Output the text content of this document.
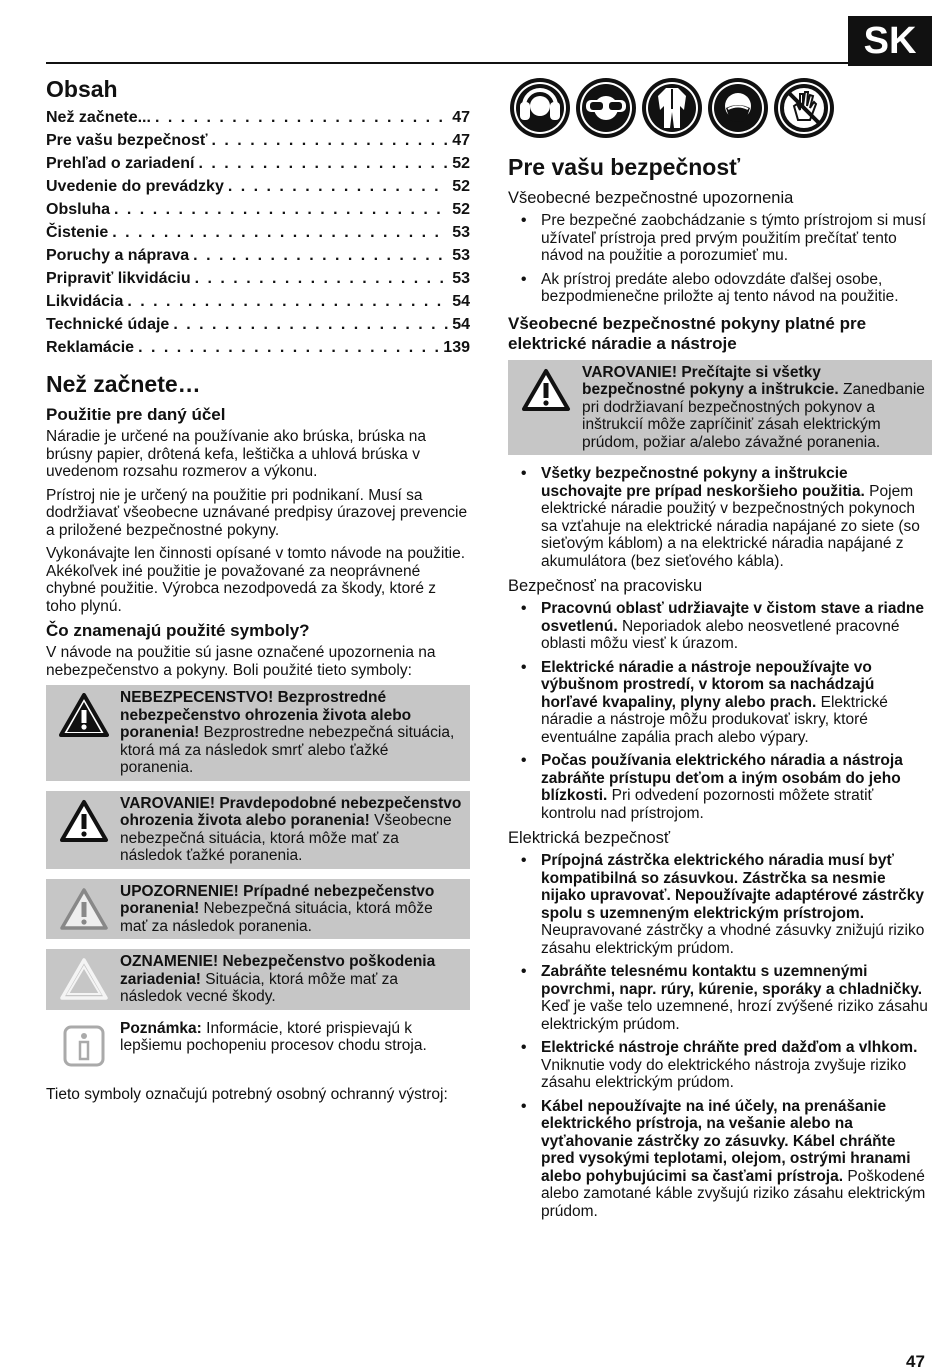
SK
Obsah
Než začnete... . . .	47
Pre vašu bezpečnosť . . .	47
Prehľad o zariadení . . .	52
Uvedenie do prevádzky . . .	52
Obsluha . . .	52
Čistenie . . .	53
Poruchy a náprava . . .	53
Pripraviť likvidáciu . . .	53
Likvidácia . . .	54
Technické údaje . . .	54
Reklamácie . . .	139
Než začnete…
Použitie pre daný účel

Náradie je určené na používanie ako brúska, brúska na brúsny papier, drôtená kefa, leštička a uhlová brúska v uvedenom rozsahu rozmerov a výkonu.

Prístroj nie je určený na použitie pri podnikaní. Musí sa dodržiavať všeobecne uznávané predpisy úrazovej prevencie a priložené bezpečnostné pokyny.

Vykonávajte len činnosti opísané v tomto návode na použitie. Akékoľvek iné použitie je považované za neoprávnené chybné použitie. Výrobca nezodpovedá za škody, ktoré z toho plynú.

Čo znamenajú použité symboly?

V návode na použitie sú jasne označené upozornenia na nebezpečenstvo a pokyny. Boli použité tieto symboly:

NEBEZPECENSTVO! Bezprostredné nebezpečenstvo ohrozenia života alebo poranenia! Bezprostredne nebezpečná situácia, ktorá má za následok smrť alebo ťažké poranenia.
VAROVANIE! Pravdepodobné nebezpečenstvo ohrozenia života alebo poranenia! Všeobecne nebezpečná situácia, ktorá môže mať za následok ťažké poranenia.
UPOZORNENIE! Prípadné nebezpečenstvo poranenia! Nebezpečná situácia, ktorá môže mať za následok poranenia.
OZNAMENIE! Nebezpečenstvo poškodenia zariadenia! Situácia, ktorá môže mať za následok vecné škody.
Poznámka: Informácie, ktoré prispievajú k lepšiemu pochopeniu procesov chodu stroja.

Tieto symboly označujú potrebný osobný ochranný výstroj:

Pre vašu bezpečnosť
Všeobecné bezpečnostné upozornenia
• Pre bezpečné zaobchádzanie s týmto prístrojom si musí užívateľ prístroja pred prvým použitím prečítať tento návod na použitie a porozumieť mu.
• Ak prístroj predáte alebo odovzdáte ďalšej osobe, bezpodmienečne priložte aj tento návod na použitie.
Všeobecné bezpečnostné pokyny platné pre elektrické náradie a nástroje
VAROVANIE! Prečítajte si všetky bezpečnostné pokyny a inštrukcie. Zanedbanie pri dodržiavaní bezpečnostných pokynov a inštrukcií môže zapríčiniť zásah elektrickým prúdom, požiar a/alebo závažné poranenia.
• Všetky bezpečnostné pokyny a inštrukcie uschovajte pre prípad neskoršieho použitia. Pojem elektrické náradie použitý v bezpečnostných pokynoch sa vzťahuje na elektrické náradia napájané zo siete (so sieťovým káblom) a na elektrické náradia napájané z akumulátora (bez sieťového kábla).
Bezpečnosť na pracovisku
• Pracovnú oblasť udržiavajte v čistom stave a riadne osvetlenú. Neporiadok alebo neosvetlené pracovné oblasti môžu viesť k úrazom.
• Elektrické náradie a nástroje nepoužívajte vo výbušnom prostredí, v ktorom sa nachádzajú horľavé kvapaliny, plyny alebo prach. Elektrické náradie a nástroje môžu produkovať iskry, ktoré eventuálne zapália prach alebo výpary.
• Počas používania elektrického náradia a nástroja zabráňte prístupu deťom a iným osobám do jeho blízkosti. Pri odvedení pozornosti môžete stratiť kontrolu nad prístrojom.
Elektrická bezpečnosť
• Prípojná zástrčka elektrického náradia musí byť kompatibilná so zásuvkou. Zástrčka sa nesmie nijako upravovať. Nepoužívajte adaptérové zástrčky spolu s uzemneným elektrickým prístrojom. Neupravované zástrčky a vhodné zásuvky znižujú riziko zásahu elektrickým prúdom.
• Zabráňte telesnému kontaktu s uzemnenými povrchmi, napr. rúry, kúrenie, sporáky a chladničky. Keď je vaše telo uzemnené, hrozí zvýšené riziko zásahu elektrickým prúdom.
• Elektrické nástroje chráňte pred dažďom a vlhkom. Vniknutie vody do elektrického nástroja zvyšuje riziko zásahu elektrickým prúdom.
• Kábel nepoužívajte na iné účely, na prenášanie elektrického prístroja, na vešanie alebo na vyťahovanie zástrčky zo zásuvky. Kábel chráňte pred vysokými teplotami, olejom, ostrými hranami alebo pohybujúcimi sa časťami prístroja. Poškodené alebo zamotané káble zvyšujú riziko zásahu elektrickým prúdom.
47
